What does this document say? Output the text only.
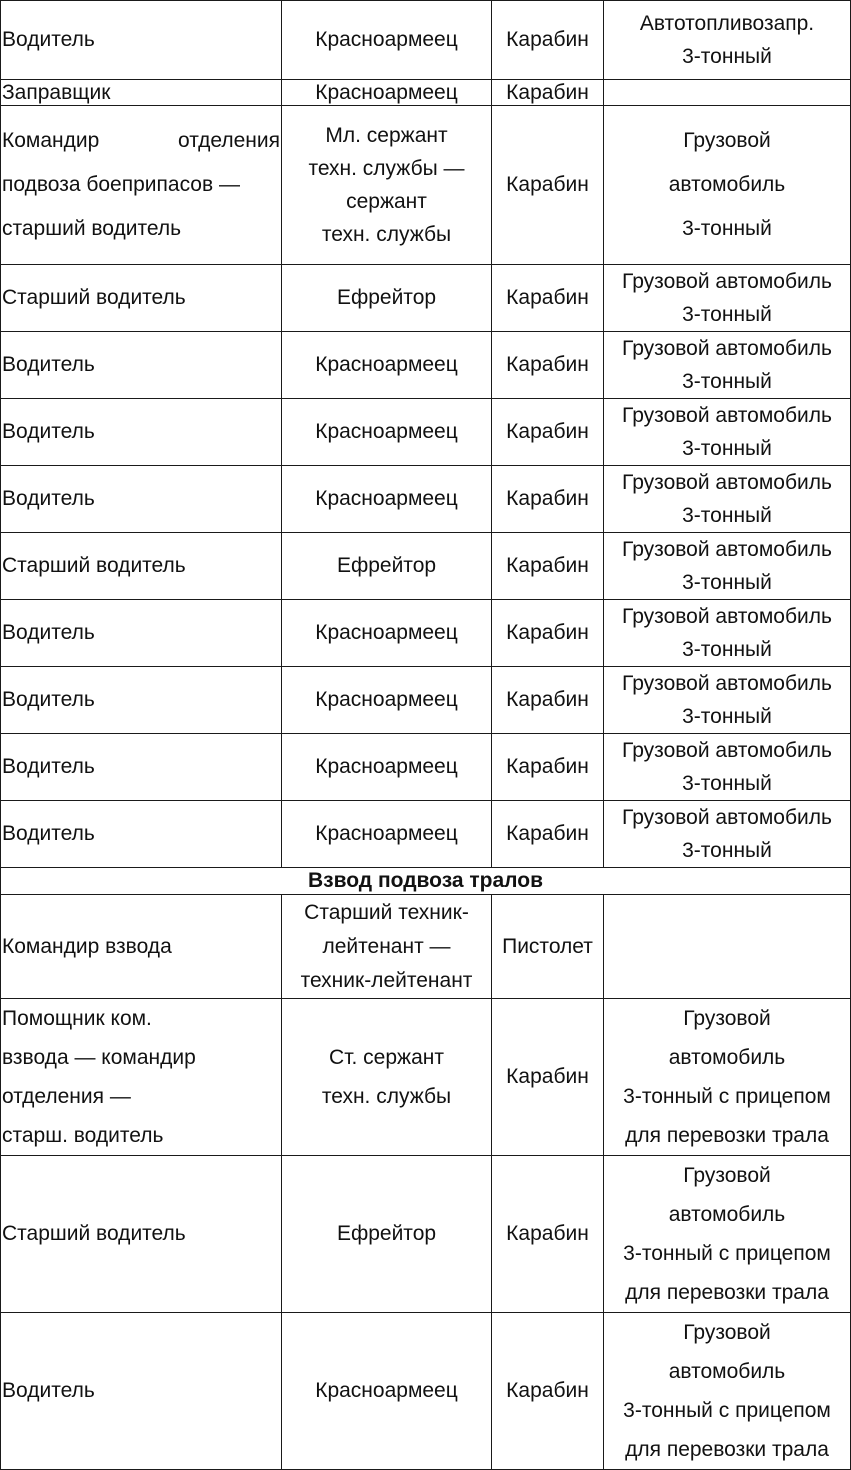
Водитель	Красноармеец	Карабин	Автотопливозапр.
3-тонный

Заправщик	Красноармеец	Карабин	

Командир отделения
подвоза боеприпасов —
старший водитель	Мл. сержант
техн. службы —
сержант
техн. службы	Карабин	Грузовой
автомобиль
3-тонный

Старший водитель	Ефрейтор	Карабин	Грузовой автомобиль
3-тонный

Водитель	Красноармеец	Карабин	Грузовой автомобиль
3-тонный

Водитель	Красноармеец	Карабин	Грузовой автомобиль
3-тонный

Водитель	Красноармеец	Карабин	Грузовой автомобиль
3-тонный

Старший водитель	Ефрейтор	Карабин	Грузовой автомобиль
3-тонный

Водитель	Красноармеец	Карабин	Грузовой автомобиль
3-тонный

Водитель	Красноармеец	Карабин	Грузовой автомобиль
3-тонный

Водитель	Красноармеец	Карабин	Грузовой автомобиль
3-тонный

Водитель	Красноармеец	Карабин	Грузовой автомобиль
3-тонный

Взвод подвоза тралов			

Командир взвода	Старший техник-
лейтенант —
техник-лейтенант	Пистолет	

Помощник ком.
взвода — командир
отделения —
старш. водитель	Ст. сержант
техн. службы	Карабин	Грузовой
автомобиль
3-тонный с прицепом
для перевозки трала

Старший водитель	Ефрейтор	Карабин	Грузовой
автомобиль
3-тонный с прицепом
для перевозки трала

Водитель	Красноармеец	Карабин	Грузовой
автомобиль
3-тонный с прицепом
для перевозки трала
